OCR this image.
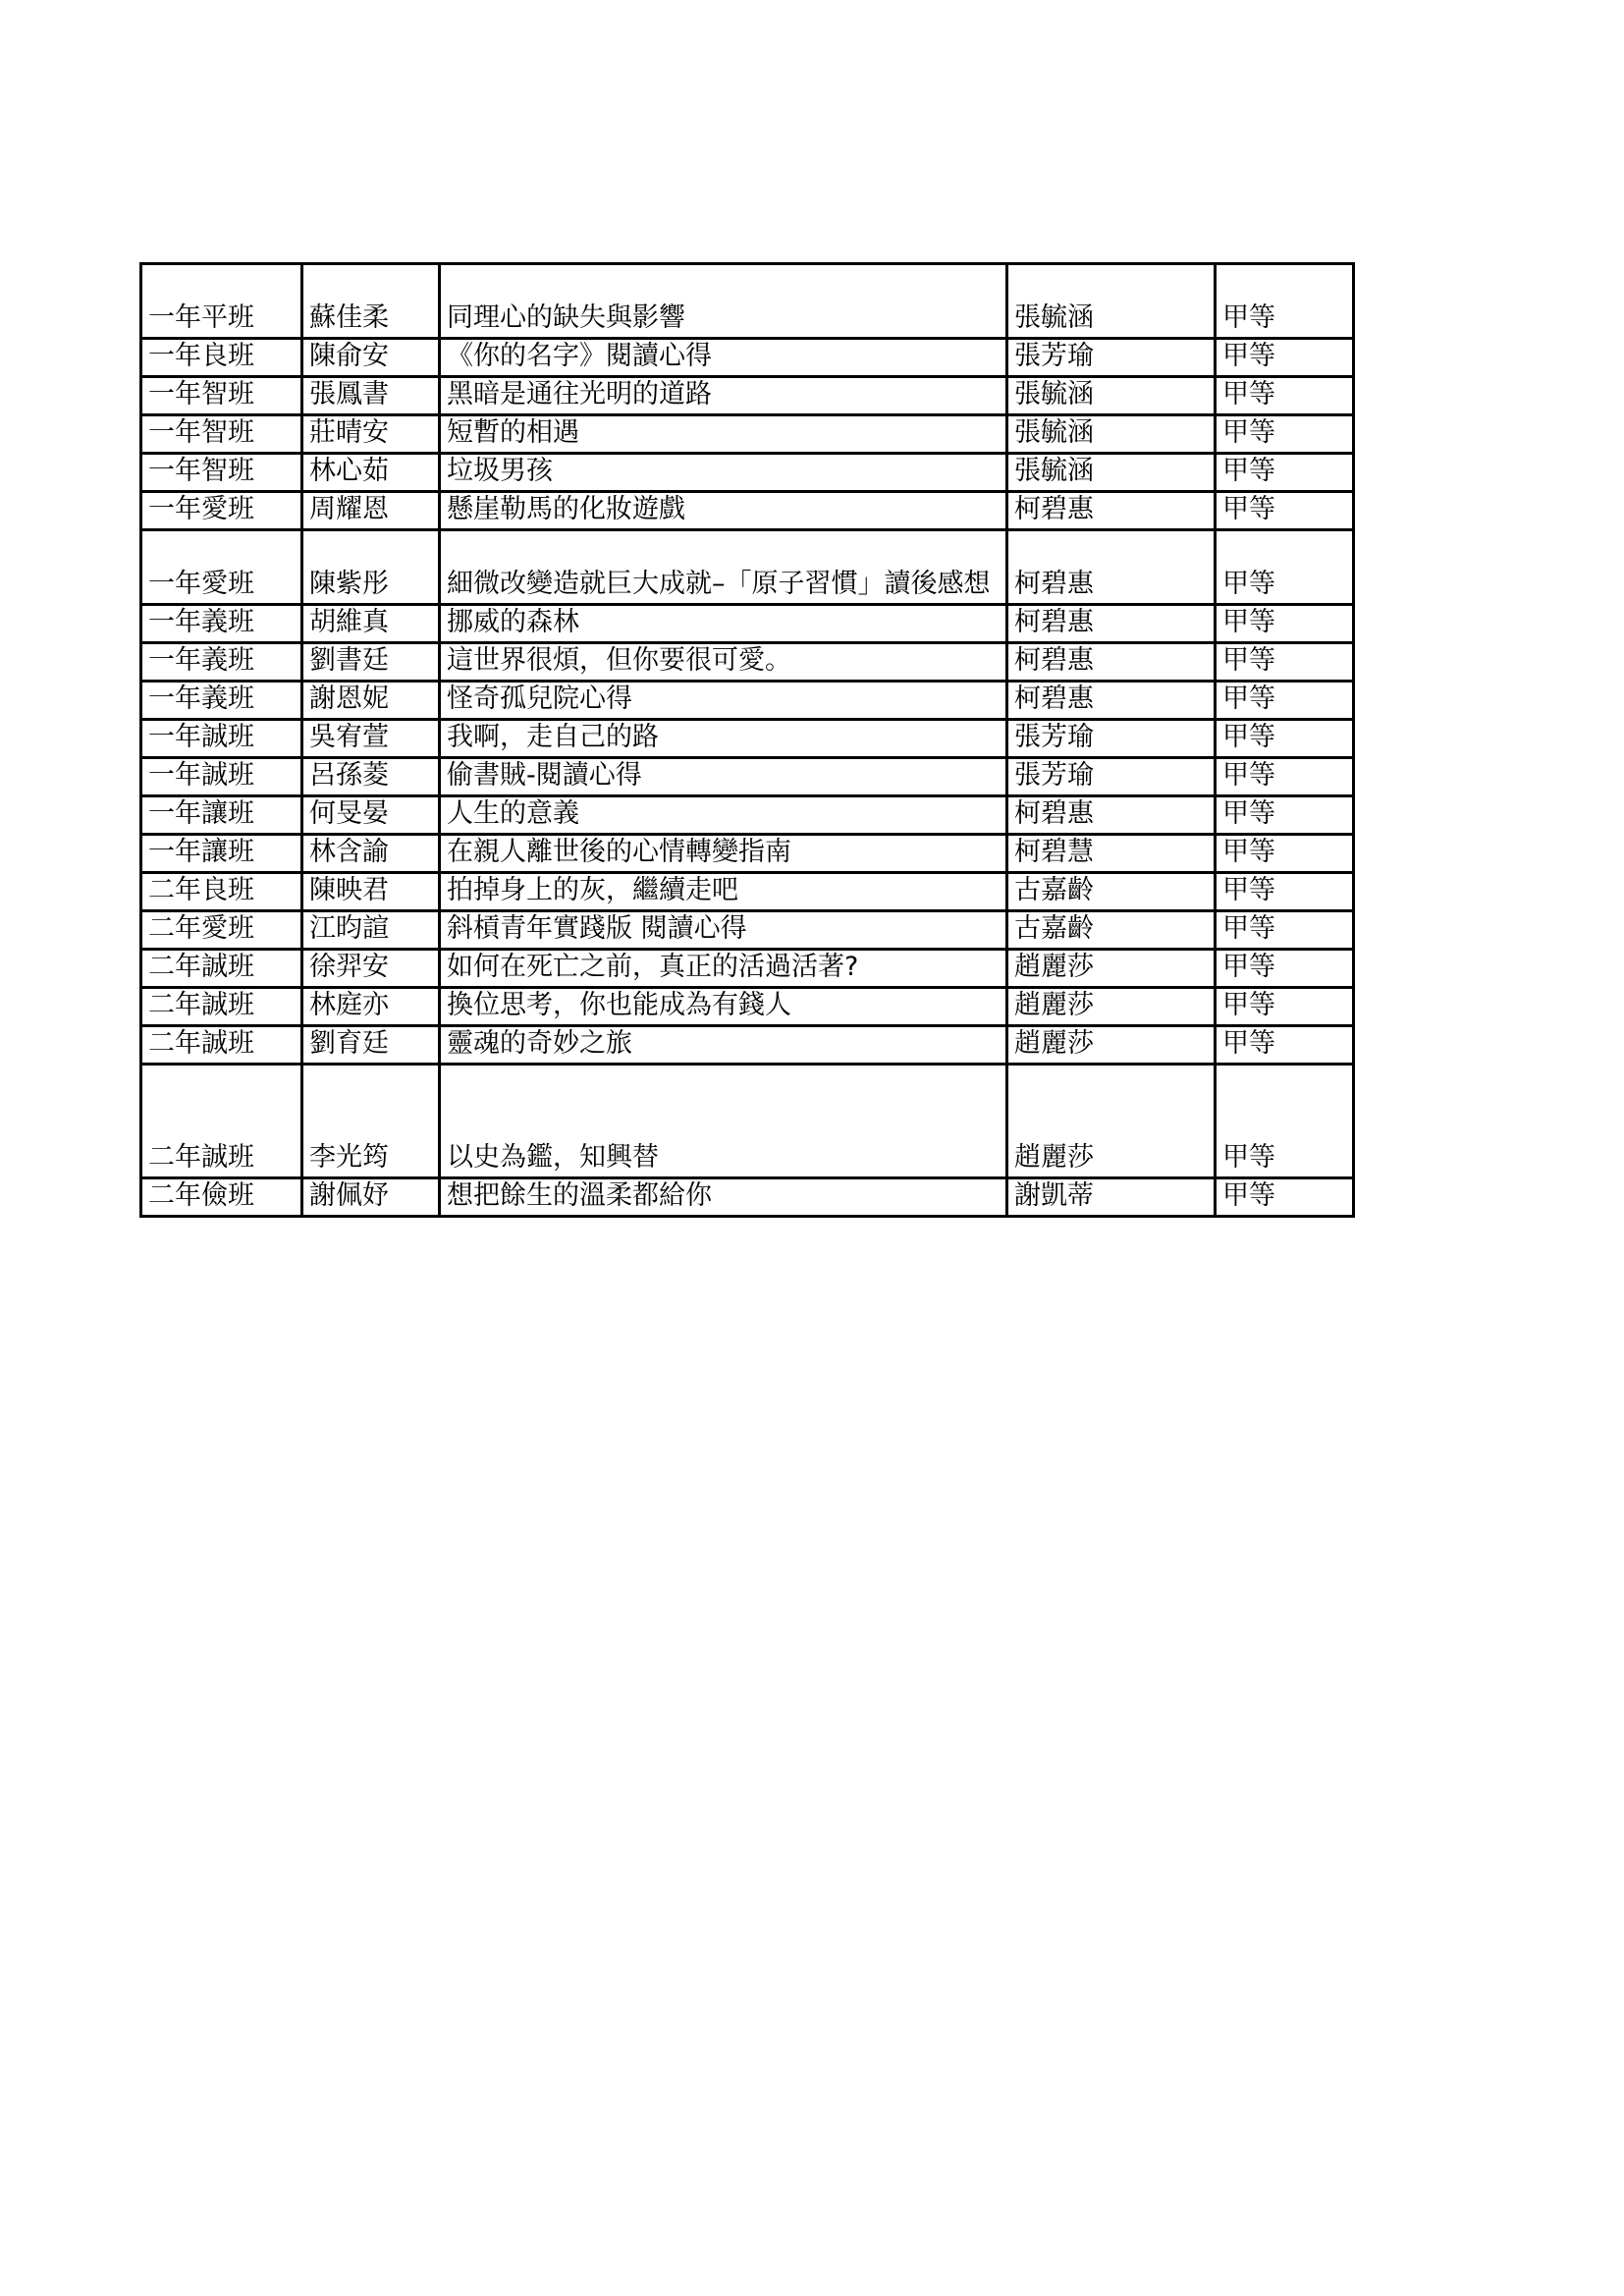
一年平班	蘇佳柔	同理心的缺失與影響	張毓涵	甲等
一年良班	陳俞安	《你的名字》閱讀心得	張芳瑜	甲等
一年智班	張鳳書	黑暗是通往光明的道路	張毓涵	甲等
一年智班	莊晴安	短暫的相遇	張毓涵	甲等
一年智班	林心茹	垃圾男孩	張毓涵	甲等
一年愛班	周耀恩	懸崖勒馬的化妝遊戲	柯碧惠	甲等
一年愛班	陳紫彤	細微改變造就巨大成就–「原子習慣」讀後感想	柯碧惠	甲等
一年義班	胡維真	挪威的森林	柯碧惠	甲等
一年義班	劉書廷	這世界很煩，但你要很可愛。	柯碧惠	甲等
一年義班	謝恩妮	怪奇孤兒院心得	柯碧惠	甲等
一年誠班	吳宥萱	我啊，走自己的路	張芳瑜	甲等
一年誠班	呂孫菱	偷書賊-閱讀心得	張芳瑜	甲等
一年讓班	何旻晏	人生的意義	柯碧惠	甲等
一年讓班	林含諭	在親人離世後的心情轉變指南	柯碧慧	甲等
二年良班	陳映君	拍掉身上的灰，繼續走吧	古嘉齡	甲等
二年愛班	江昀諠	斜槓青年實踐版 閱讀心得	古嘉齡	甲等
二年誠班	徐羿安	如何在死亡之前，真正的活過活著?	趙麗莎	甲等
二年誠班	林庭亦	換位思考，你也能成為有錢人	趙麗莎	甲等
二年誠班	劉育廷	靈魂的奇妙之旅	趙麗莎	甲等
二年誠班	李光筠	以史為鑑，知興替	趙麗莎	甲等
二年儉班	謝佩妤	想把餘生的溫柔都給你	謝凱蒂	甲等
